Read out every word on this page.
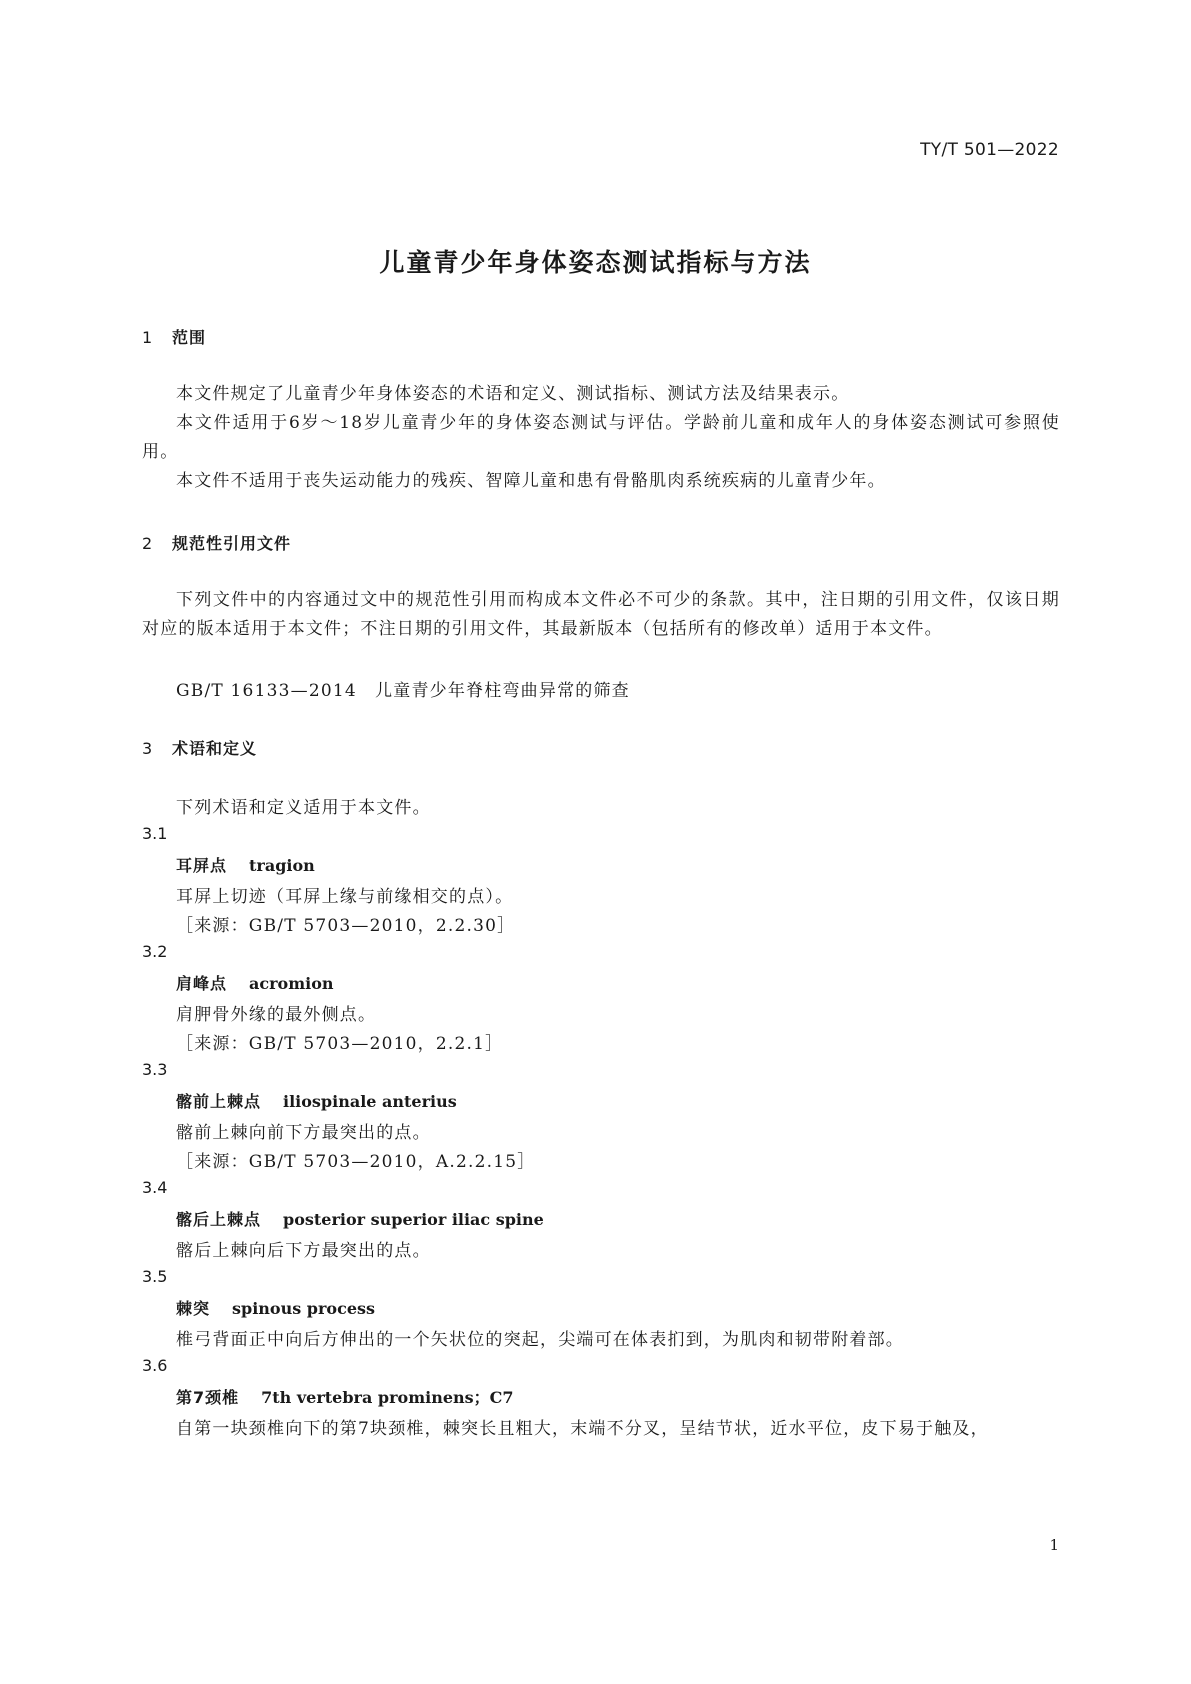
TY/T 501—2022
儿童青少年身体姿态测试指标与方法
1 范围
本文件规定了儿童青少年身体姿态的术语和定义、测试指标、测试方法及结果表示。
本文件适用于6岁～18岁儿童青少年的身体姿态测试与评估。学龄前儿童和成年人的身体姿态测试可参照使用。
本文件不适用于丧失运动能力的残疾、智障儿童和患有骨骼肌肉系统疾病的儿童青少年。
2 规范性引用文件
下列文件中的内容通过文中的规范性引用而构成本文件必不可少的条款。其中，注日期的引用文件，仅该日期对应的版本适用于本文件；不注日期的引用文件，其最新版本（包括所有的修改单）适用于本文件。
GB/T 16133—2014　儿童青少年脊柱弯曲异常的筛查
3 术语和定义
下列术语和定义适用于本文件。
3.1
耳屏点 tragion
耳屏上切迹（耳屏上缘与前缘相交的点）。
［来源：GB/T 5703—2010，2.2.30］
3.2
肩峰点 acromion
肩胛骨外缘的最外侧点。
［来源：GB/T 5703—2010，2.2.1］
3.3
髂前上棘点 iliospinale anterius
髂前上棘向前下方最突出的点。
［来源：GB/T 5703—2010，A.2.2.15］
3.4
髂后上棘点 posterior superior iliac spine
髂后上棘向后下方最突出的点。
3.5
棘突 spinous process
椎弓背面正中向后方伸出的一个矢状位的突起，尖端可在体表扪到，为肌肉和韧带附着部。
3.6
第7颈椎 7th vertebra prominens；C7
自第一块颈椎向下的第7块颈椎，棘突长且粗大，末端不分叉，呈结节状，近水平位，皮下易于触及，
1
